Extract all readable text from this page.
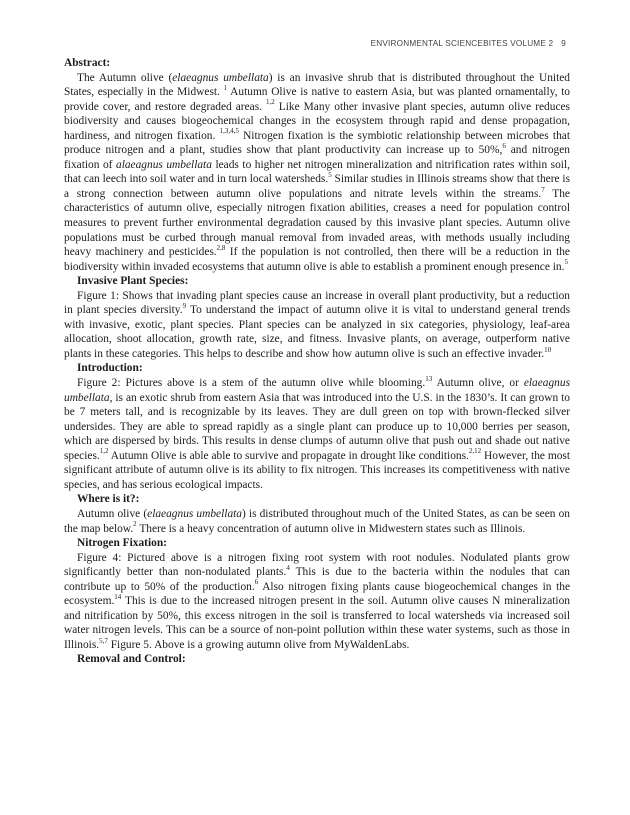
ENVIRONMENTAL SCIENCEBITES VOLUME 2 9
Abstract:

The Autumn olive (elaeagnus umbellata) is an invasive shrub that is distributed throughout the United States, especially in the Midwest. $^1$ Autumn Olive is native to eastern Asia, but was planted ornamentally, to provide cover, and restore degraded areas. $^{1,2}$ Like Many other invasive plant species, autumn olive reduces biodiversity and causes biogeochemical changes in the ecosystem through rapid and dense propagation, hardiness, and nitrogen fixation. $^{1,3,4,5}$ Nitrogen fixation is the symbiotic relationship between microbes that produce nitrogen and a plant, studies show that plant productivity can increase up to 50%,$^6$ and nitrogen fixation of alaeagnus umbellata leads to higher net nitrogen mineralization and nitrification rates within soil, that can leech into soil water and in turn local watersheds.$^5$ Similar studies in Illinois streams show that there is a strong connection between autumn olive populations and nitrate levels within the streams.$^7$ The characteristics of autumn olive, especially nitrogen fixation abilities, creases a need for population control measures to prevent further environmental degradation caused by this invasive plant species. Autumn olive populations must be curbed through manual removal from invaded areas, with methods usually including heavy machinery and pesticides.$^{2,8}$ If the population is not controlled, then there will be a reduction in the biodiversity within invaded ecosystems that autumn olive is able to establish a prominent enough presence in.$^5$

Invasive Plant Species:

Figure 1: Shows that invading plant species cause an increase in overall plant productivity, but a reduction in plant species diversity.$^9$ To understand the impact of autumn olive it is vital to understand general trends with invasive, exotic, plant species. Plant species can be analyzed in six categories, physiology, leaf-area allocation, shoot allocation, growth rate, size, and fitness. Invasive plants, on average, outperform native plants in these categories. This helps to describe and show how autumn olive is such an effective invader.$^{10}$

Introduction:

Figure 2: Pictures above is a stem of the autumn olive while blooming.$^{13}$ Autumn olive, or elaeagnus umbellata, is an exotic shrub from eastern Asia that was introduced into the U.S. in the 1830’s. It can grown to be 7 meters tall, and is recognizable by its leaves. They are dull green on top with brown-flecked silver undersides. They are able to spread rapidly as a single plant can produce up to 10,000 berries per season, which are dispersed by birds. This results in dense clumps of autumn olive that push out and shade out native species.$^{1,2}$ Autumn Olive is able able to survive and propagate in drought like conditions.$^{2,12}$ However, the most significant attribute of autumn olive is its ability to fix nitrogen. This increases its competitiveness with native species, and has serious ecological impacts.

Where is it?:

Autumn olive (elaeagnus umbellata) is distributed throughout much of the United States, as can be seen on the map below.$^2$ There is a heavy concentration of autumn olive in Midwestern states such as Illinois.

Nitrogen Fixation:

Figure 4: Pictured above is a nitrogen fixing root system with root nodules. Nodulated plants grow significantly better than non-nodulated plants.$^4$ This is due to the bacteria within the nodules that can contribute up to 50% of the production.$^6$ Also nitrogen fixing plants cause biogeochemical changes in the ecosystem.$^{14}$ This is due to the increased nitrogen present in the soil. Autumn olive causes N mineralization and nitrification by 50%, this excess nitrogen in the soil is transferred to local watersheds via increased soil water nitrogen levels. This can be a source of non-point pollution within these water systems, such as those in Illinois.$^{5,7}$ Figure 5. Above is a growing autumn olive from MyWaldenLabs.

Removal and Control:
